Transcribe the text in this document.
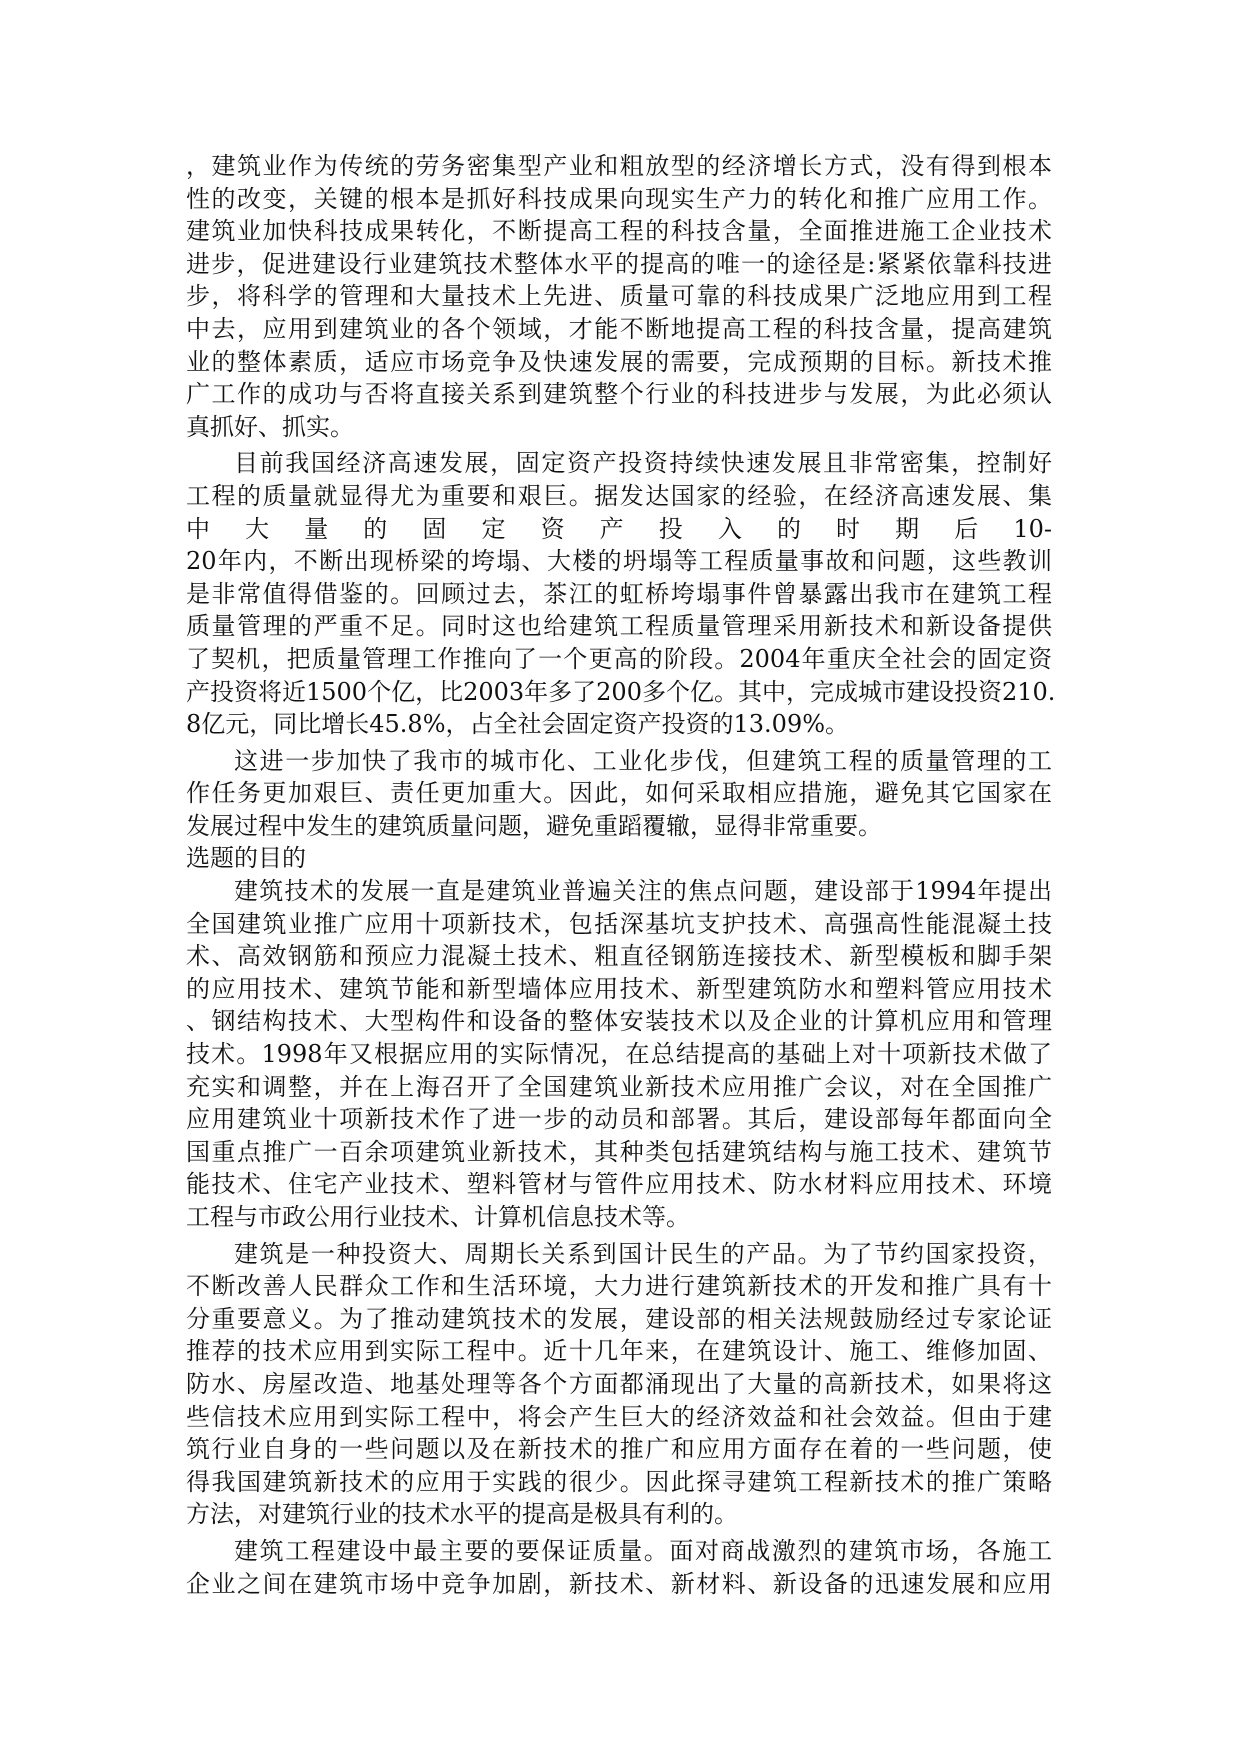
，建筑业作为传统的劳务密集型产业和粗放型的经济增长方式，没有得到根本
性的改变，关键的根本是抓好科技成果向现实生产力的转化和推广应用工作。
建筑业加快科技成果转化，不断提高工程的科技含量，全面推进施工企业技术
进步，促进建设行业建筑技术整体水平的提高的唯一的途径是:紧紧依靠科技进
步，将科学的管理和大量技术上先进、质量可靠的科技成果广泛地应用到工程
中去，应用到建筑业的各个领域，才能不断地提高工程的科技含量，提高建筑
业的整体素质，适应市场竞争及快速发展的需要，完成预期的目标。新技术推
广工作的成功与否将直接关系到建筑整个行业的科技进步与发展，为此必须认
真抓好、抓实。
目前我国经济高速发展，固定资产投资持续快速发展且非常密集，控制好
工程的质量就显得尤为重要和艰巨。据发达国家的经验，在经济高速发展、集
中大量的固定资产投入的时期后10-
20年内，不断出现桥梁的垮塌、大楼的坍塌等工程质量事故和问题，这些教训
是非常值得借鉴的。回顾过去，茶江的虹桥垮塌事件曾暴露出我市在建筑工程
质量管理的严重不足。同时这也给建筑工程质量管理采用新技术和新设备提供
了契机，把质量管理工作推向了一个更高的阶段。2004年重庆全社会的固定资
产投资将近1500个亿，比2003年多了200多个亿。其中，完成城市建设投资210.
8亿元，同比增长45.8%，占全社会固定资产投资的13.09%。
这进一步加快了我市的城市化、工业化步伐，但建筑工程的质量管理的工
作任务更加艰巨、责任更加重大。因此，如何采取相应措施，避免其它国家在
发展过程中发生的建筑质量问题，避免重蹈覆辙，显得非常重要。
选题的目的
建筑技术的发展一直是建筑业普遍关注的焦点问题，建设部于1994年提出
全国建筑业推广应用十项新技术，包括深基坑支护技术、高强高性能混凝土技
术、高效钢筋和预应力混凝土技术、粗直径钢筋连接技术、新型模板和脚手架
的应用技术、建筑节能和新型墙体应用技术、新型建筑防水和塑料管应用技术
、钢结构技术、大型构件和设备的整体安装技术以及企业的计算机应用和管理
技术。1998年又根据应用的实际情况，在总结提高的基础上对十项新技术做了
充实和调整，并在上海召开了全国建筑业新技术应用推广会议，对在全国推广
应用建筑业十项新技术作了进一步的动员和部署。其后，建设部每年都面向全
国重点推广一百余项建筑业新技术，其种类包括建筑结构与施工技术、建筑节
能技术、住宅产业技术、塑料管材与管件应用技术、防水材料应用技术、环境
工程与市政公用行业技术、计算机信息技术等。
建筑是一种投资大、周期长关系到国计民生的产品。为了节约国家投资，
不断改善人民群众工作和生活环境，大力进行建筑新技术的开发和推广具有十
分重要意义。为了推动建筑技术的发展，建设部的相关法规鼓励经过专家论证
推荐的技术应用到实际工程中。近十几年来，在建筑设计、施工、维修加固、
防水、房屋改造、地基处理等各个方面都涌现出了大量的高新技术，如果将这
些信技术应用到实际工程中，将会产生巨大的经济效益和社会效益。但由于建
筑行业自身的一些问题以及在新技术的推广和应用方面存在着的一些问题，使
得我国建筑新技术的应用于实践的很少。因此探寻建筑工程新技术的推广策略
方法，对建筑行业的技术水平的提高是极具有利的。
建筑工程建设中最主要的要保证质量。面对商战激烈的建筑市场，各施工
企业之间在建筑市场中竞争加剧，新技术、新材料、新设备的迅速发展和应用
